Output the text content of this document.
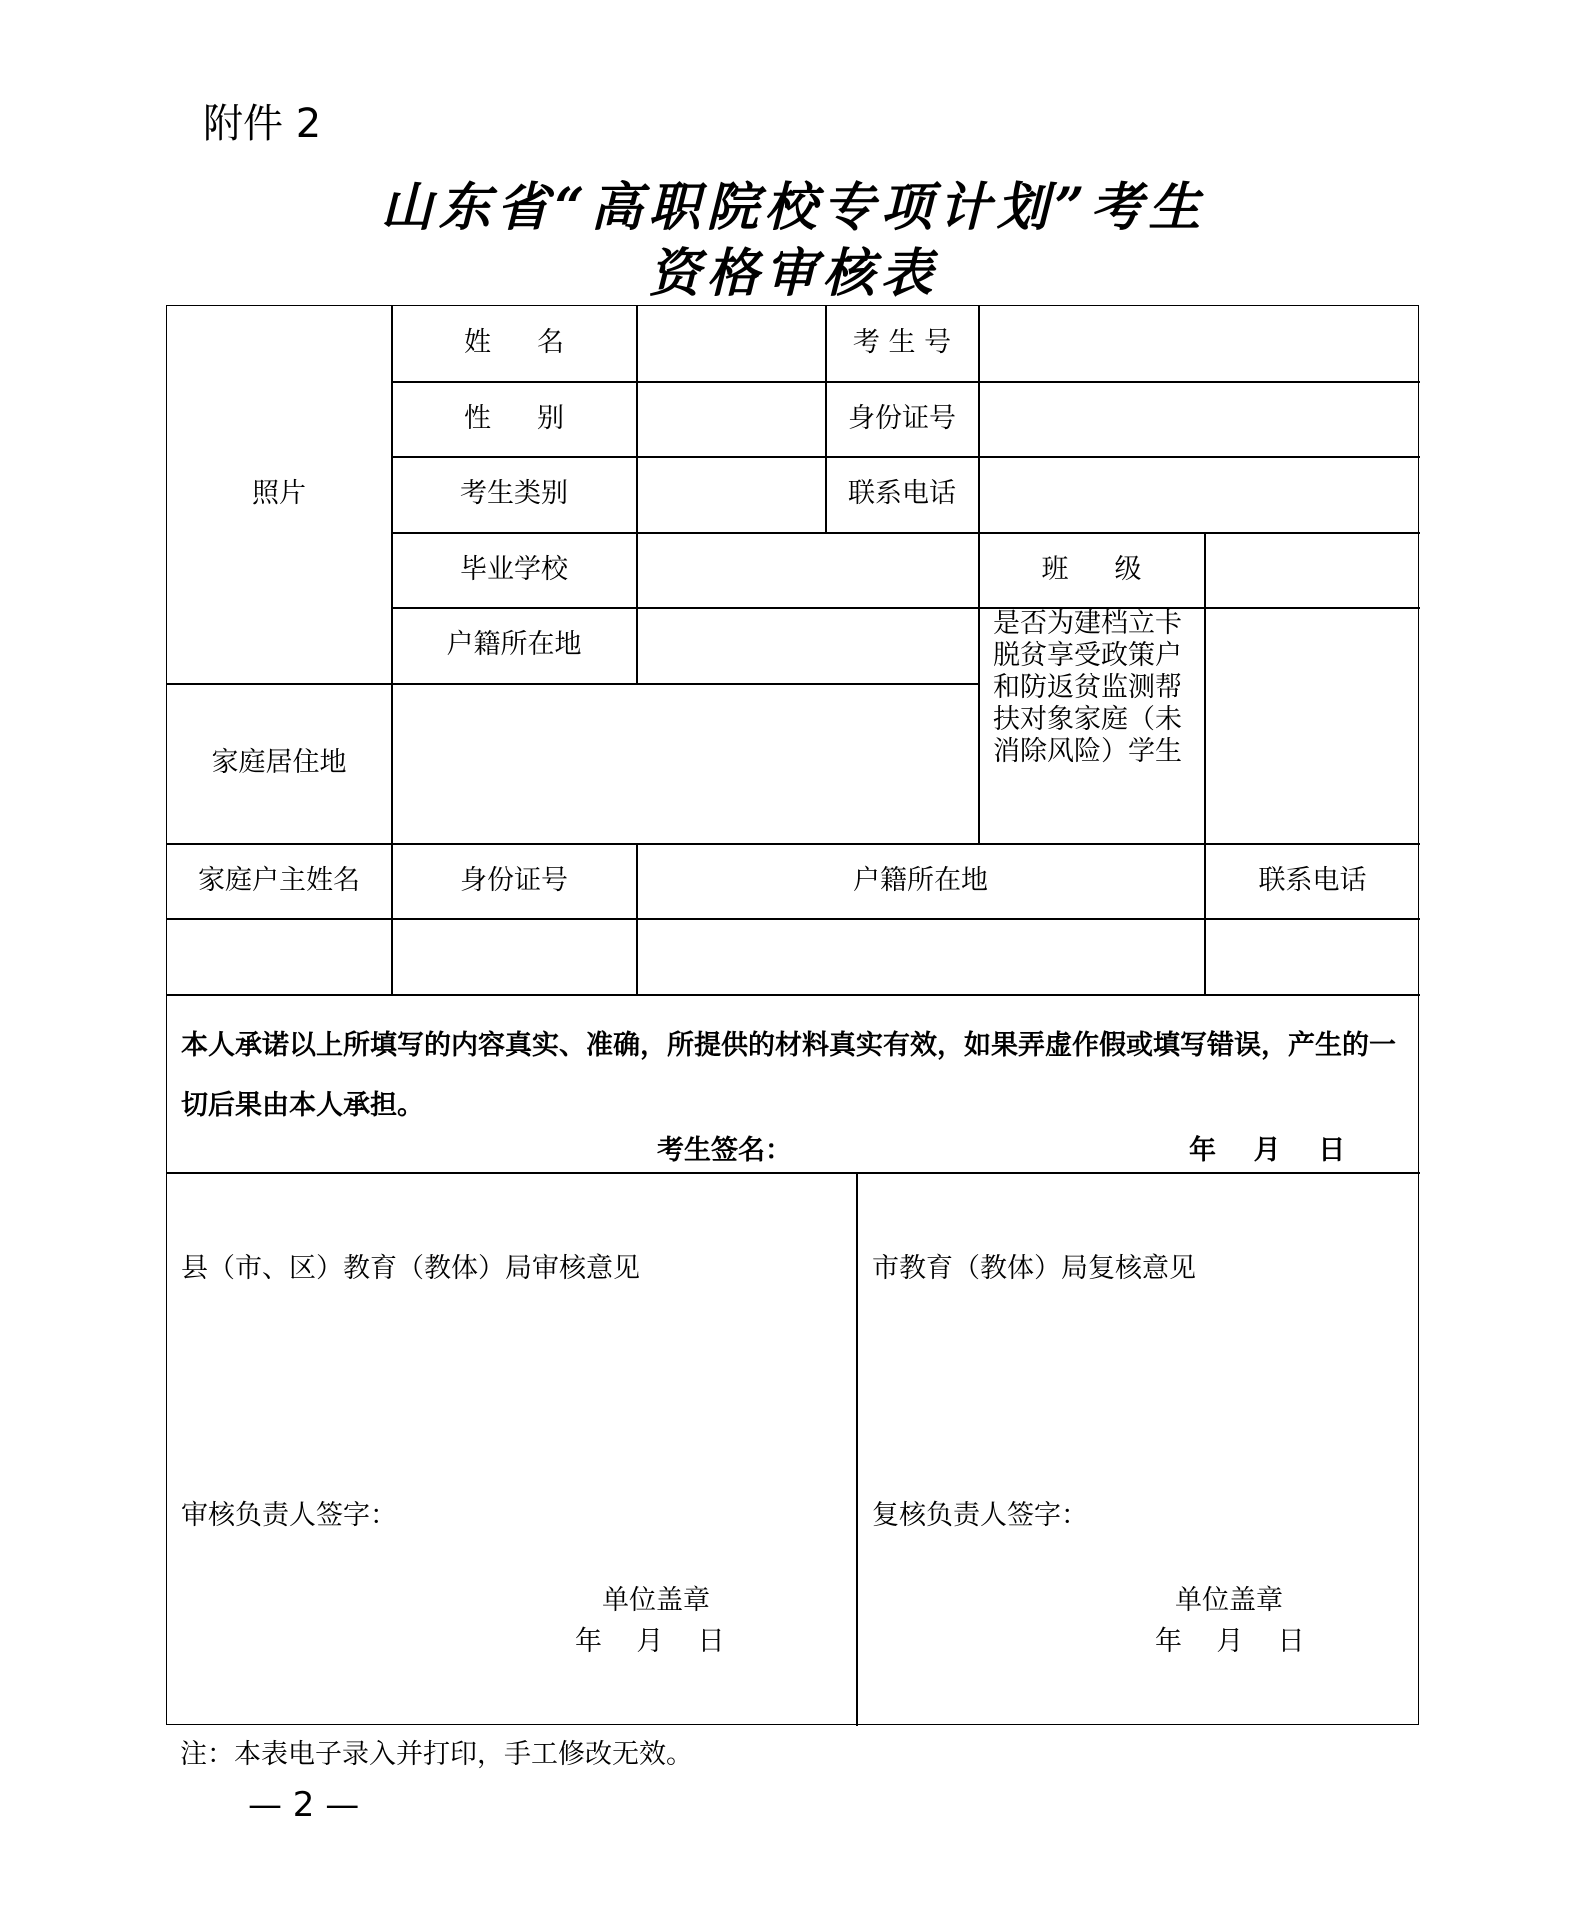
附件 2
山东省“高职院校专项计划”考生
资格审核表
照片
姓名	考 生 号
性别	身份证号
考生类别	联系电话
毕业学校	班级
户籍所在地
是否为建档立卡
脱贫享受政策户
和防返贫监测帮
扶对象家庭（未
消除风险）学生
家庭居住地
家庭户主姓名	身份证号	户籍所在地	联系电话
本人承诺以上所填写的内容真实、准确，所提供的材料真实有效，如果弄虚作假或填写错误，产生的一切后果由本人承担。
考生签名：	年    月    日
县（市、区）教育（教体）局审核意见
审核负责人签字：
单位盖章
年    月    日
市教育（教体）局复核意见
复核负责人签字：
单位盖章
年    月    日
注：本表电子录入并打印，手工修改无效。
— 2 —
